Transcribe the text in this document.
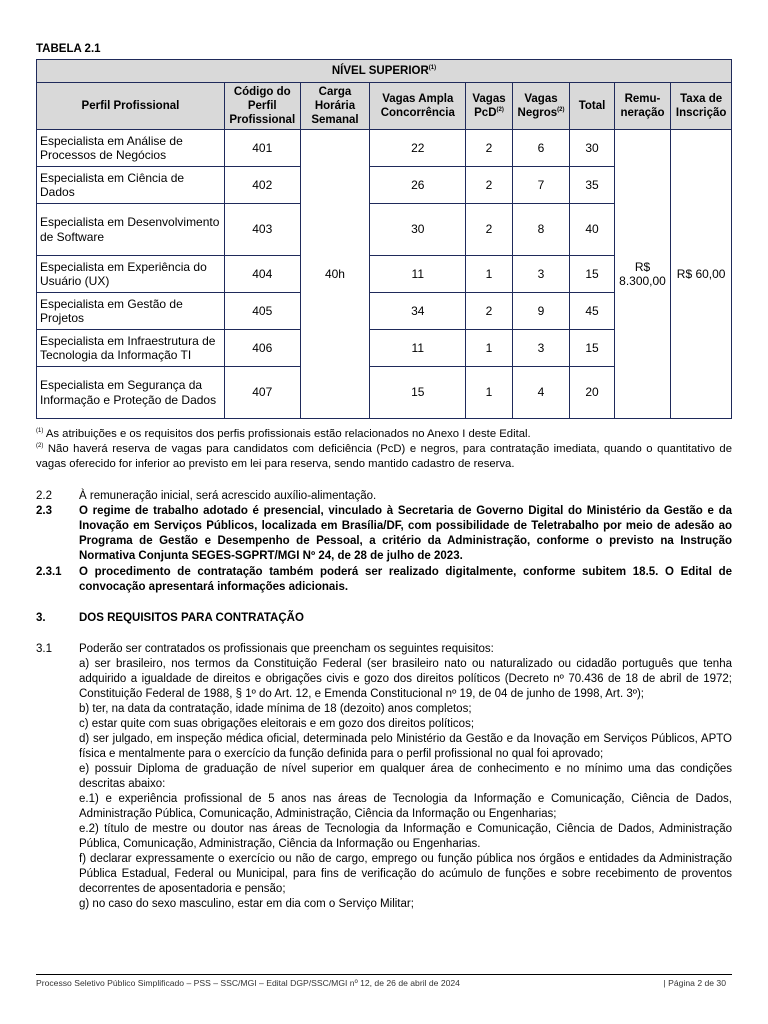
TABELA 2.1
NÍVEL SUPERIOR$^{(1)}$
Perfil Profissional	Código do Perfil Profissional	Carga Horária Semanal	Vagas Ampla Concorrência	Vagas PcD$^{(2)}$	Vagas Negros$^{(2)}$	Total	Remu-neração	Taxa de Inscrição
Especialista em Análise de Processos de Negócios	401	40h	22	2	6	30	R$ 8.300,00	R$ 60,00
Especialista em Ciência de Dados	402		26	2	7	35		
Especialista em Desenvolvimento de Software	403		30	2	8	40		
Especialista em Experiência do Usuário (UX)	404		11	1	3	15		
Especialista em Gestão de Projetos	405		34	2	9	45		
Especialista em Infraestrutura de Tecnologia da Informação TI	406		11	1	3	15		
Especialista em Segurança da Informação e Proteção de Dados	407		15	1	4	20		
$^{(1)}$ As atribuições e os requisitos dos perfis profissionais estão relacionados no Anexo I deste Edital.
$^{(2)}$ Não haverá reserva de vagas para candidatos com deficiência (PcD) e negros, para contratação imediata, quando o quantitativo de vagas oferecido for inferior ao previsto em lei para reserva, sendo mantido cadastro de reserva.
2.2 À remuneração inicial, será acrescido auxílio-alimentação.
2.3 O regime de trabalho adotado é presencial, vinculado à Secretaria de Governo Digital do Ministério da Gestão e da Inovação em Serviços Públicos, localizada em Brasília/DF, com possibilidade de Teletrabalho por meio de adesão ao Programa de Gestão e Desempenho de Pessoal, a critério da Administração, conforme o previsto na Instrução Normativa Conjunta SEGES-SGPRT/MGI Nº 24, de 28 de julho de 2023.
2.3.1 O procedimento de contratação também poderá ser realizado digitalmente, conforme subitem 18.5. O Edital de convocação apresentará informações adicionais.
3.	DOS REQUISITOS PARA CONTRATAÇÃO
3.1 Poderão ser contratados os profissionais que preencham os seguintes requisitos:
a) ser brasileiro, nos termos da Constituição Federal (ser brasileiro nato ou naturalizado ou cidadão português que tenha adquirido a igualdade de direitos e obrigações civis e gozo dos direitos políticos (Decreto nº 70.436 de 18 de abril de 1972; Constituição Federal de 1988, § 1º do Art. 12, e Emenda Constitucional nº 19, de 04 de junho de 1998, Art. 3º);
b) ter, na data da contratação, idade mínima de 18 (dezoito) anos completos;
c) estar quite com suas obrigações eleitorais e em gozo dos direitos políticos;
d) ser julgado, em inspeção médica oficial, determinada pelo Ministério da Gestão e da Inovação em Serviços Públicos, APTO física e mentalmente para o exercício da função definida para o perfil profissional no qual foi aprovado;
e) possuir Diploma de graduação de nível superior em qualquer área de conhecimento e no mínimo uma das condições descritas abaixo:
e.1) e experiência profissional de 5 anos nas áreas de Tecnologia da Informação e Comunicação, Ciência de Dados, Administração Pública, Comunicação, Administração, Ciência da Informação ou Engenharias;
e.2) título de mestre ou doutor nas áreas de Tecnologia da Informação e Comunicação, Ciência de Dados, Administração Pública, Comunicação, Administração, Ciência da Informação ou Engenharias.
f) declarar expressamente o exercício ou não de cargo, emprego ou função pública nos órgãos e entidades da Administração Pública Estadual, Federal ou Municipal, para fins de verificação do acúmulo de funções e sobre recebimento de proventos decorrentes de aposentadoria e pensão;
g) no caso do sexo masculino, estar em dia com o Serviço Militar;
Processo Seletivo Público Simplificado – PSS – SSC/MGI – Edital DGP/SSC/MGI nº 12, de 26 de abril de 2024	| Página 2 de 30
